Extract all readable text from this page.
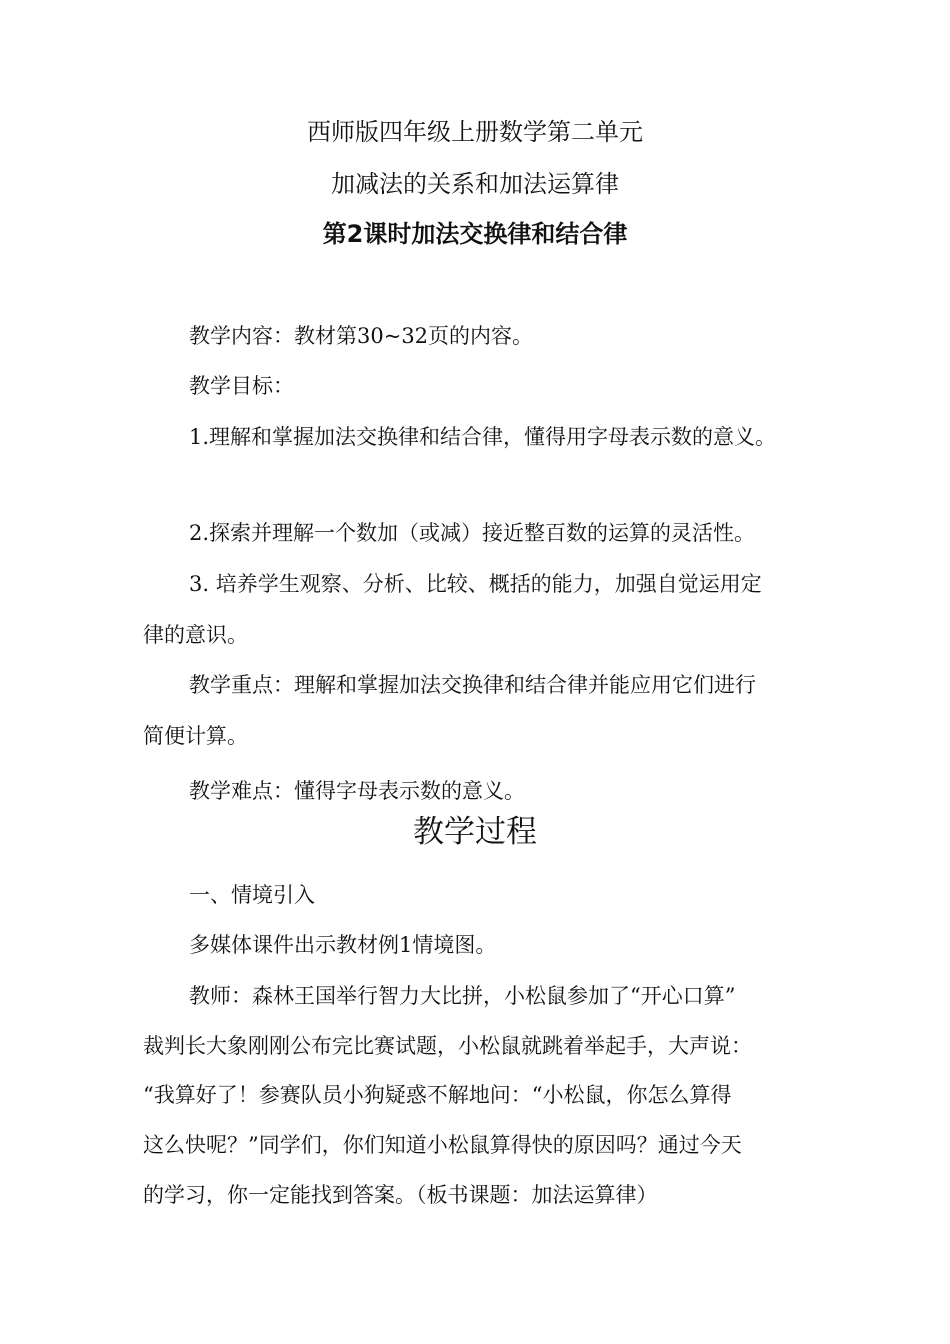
西师版四年级上册数学第二单元
加减法的关系和加法运算律
第2课时加法交换律和结合律
教学内容：教材第30~32页的内容。
教学目标：
1.理解和掌握加法交换律和结合律，懂得用字母表示数的意义。
2.探索并理解一个数加（或减）接近整百数的运算的灵活性。
3. 培养学生观察、分析、比较、概括的能力，加强自觉运用定
律的意识。
教学重点：理解和掌握加法交换律和结合律并能应用它们进行
简便计算。
教学难点：懂得字母表示数的意义。
教学过程
一、情境引入
多媒体课件出示教材例1情境图。
教师：森林王国举行智力大比拼，小松鼠参加了“开心口算”
裁判长大象刚刚公布完比赛试题，小松鼠就跳着举起手，大声说：
“我算好了！参赛队员小狗疑惑不解地问：“小松鼠，你怎么算得
这么快呢？”同学们，你们知道小松鼠算得快的原因吗？通过今天
的学习，你一定能找到答案。（板书课题：加法运算律）
